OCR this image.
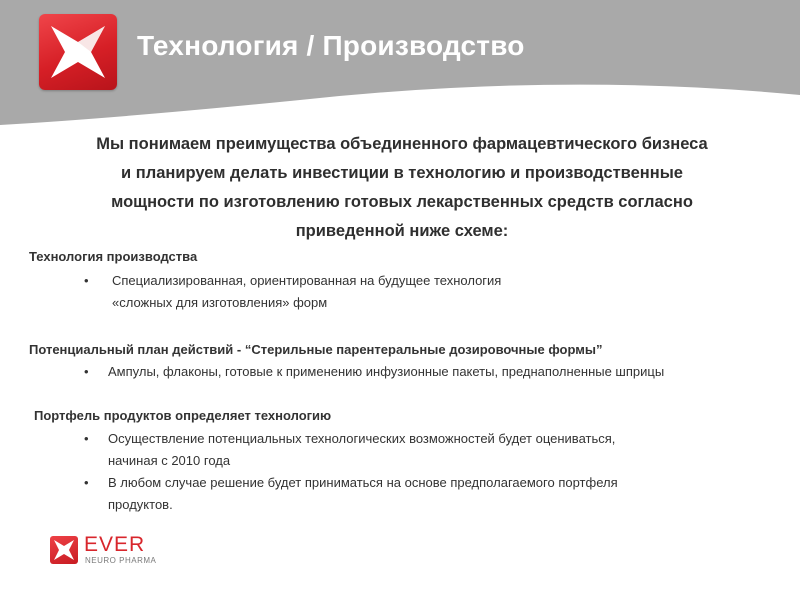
Технология / Производство
Мы понимаем преимущества объединенного фармацевтического бизнеса
и планируем делать инвестиции в технологию и производственные
мощности по изготовлению готовых лекарственных средств согласно
приведенной ниже схеме:
Технология производства
• Специализированная, ориентированная на будущее технология
«сложных для изготовления» форм
Потенциальный план действий - “Стерильные парентеральные дозировочные формы”
• Ампулы, флаконы, готовые к применению инфузионные пакеты, преднаполненные шприцы
Портфель продуктов определяет технологию
• Осуществление потенциальных технологических возможностей будет оцениваться,
начиная с 2010 года
• В любом случае решение будет приниматься на основе предполагаемого портфеля
продуктов.
EVER
NEURO PHARMA
